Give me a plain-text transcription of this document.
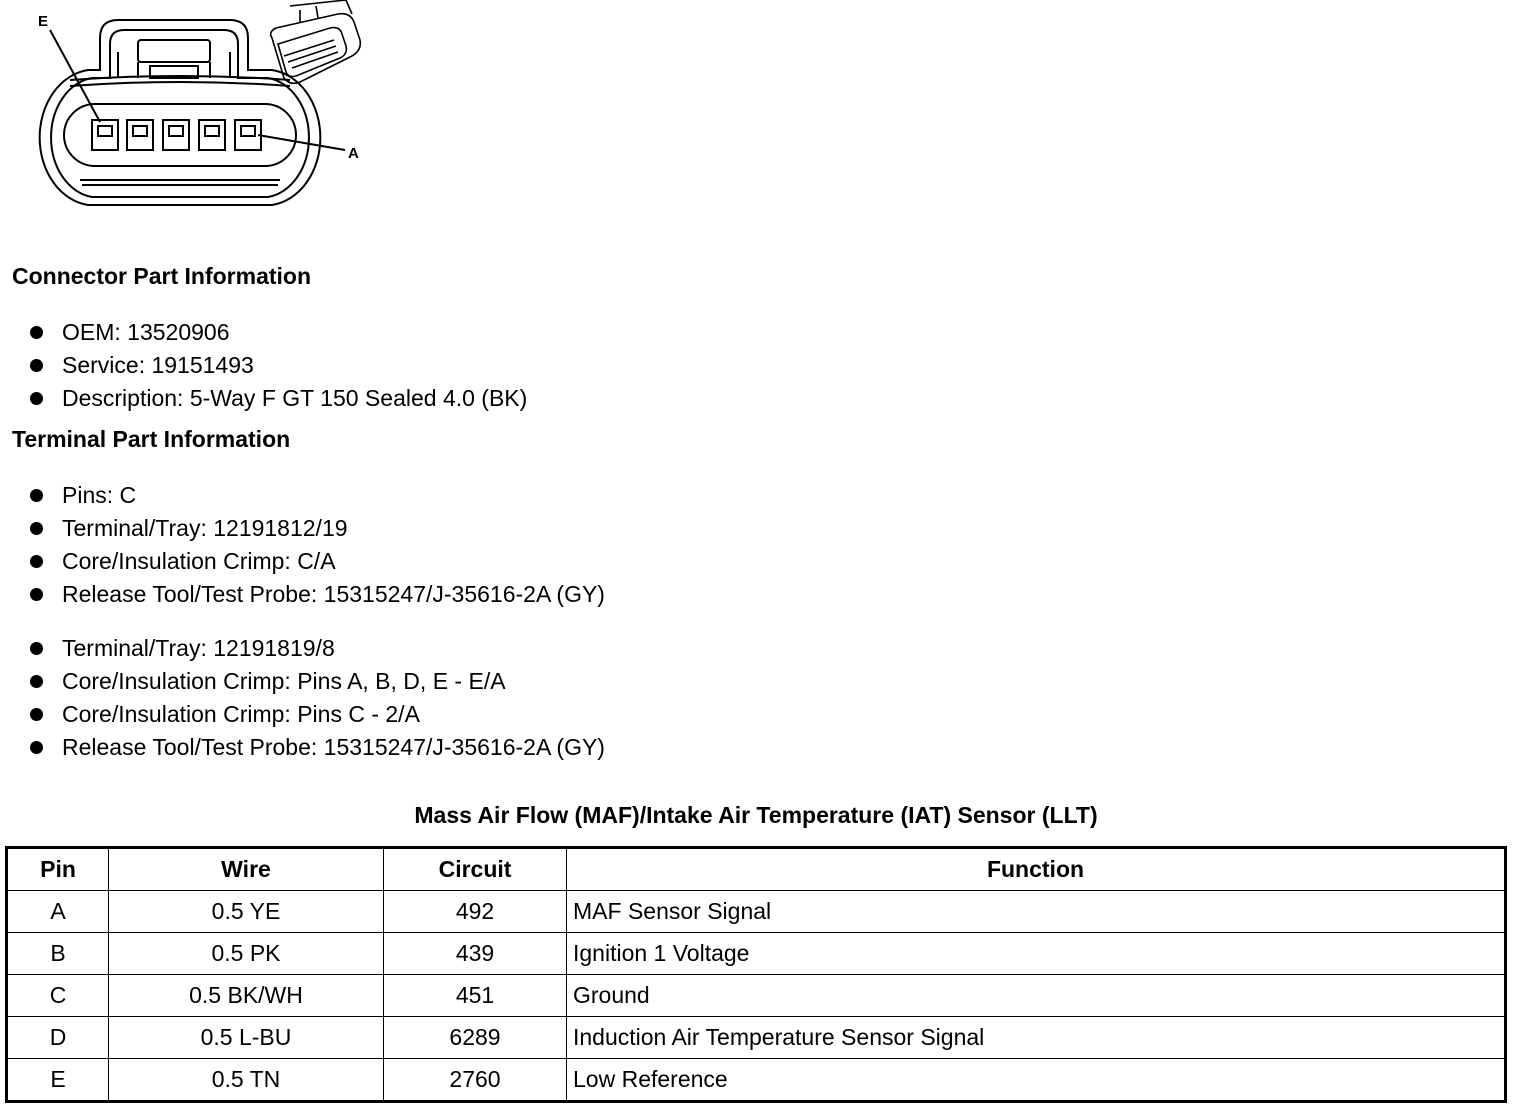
E
A
Connector Part Information
OEM: 13520906
Service: 19151493
Description: 5-Way F GT 150 Sealed 4.0 (BK)
Terminal Part Information
Pins: C
Terminal/Tray: 12191812/19
Core/Insulation Crimp: C/A
Release Tool/Test Probe: 15315247/J-35616-2A (GY)
Terminal/Tray: 12191819/8
Core/Insulation Crimp: Pins A, B, D, E - E/A
Core/Insulation Crimp: Pins C - 2/A
Release Tool/Test Probe: 15315247/J-35616-2A (GY)
Mass Air Flow (MAF)/Intake Air Temperature (IAT) Sensor (LLT)
Pin	Wire	Circuit	Function
A	0.5 YE	492	MAF Sensor Signal
B	0.5 PK	439	Ignition 1 Voltage
C	0.5 BK/WH	451	Ground
D	0.5 L-BU	6289	Induction Air Temperature Sensor Signal
E	0.5 TN	2760	Low Reference
